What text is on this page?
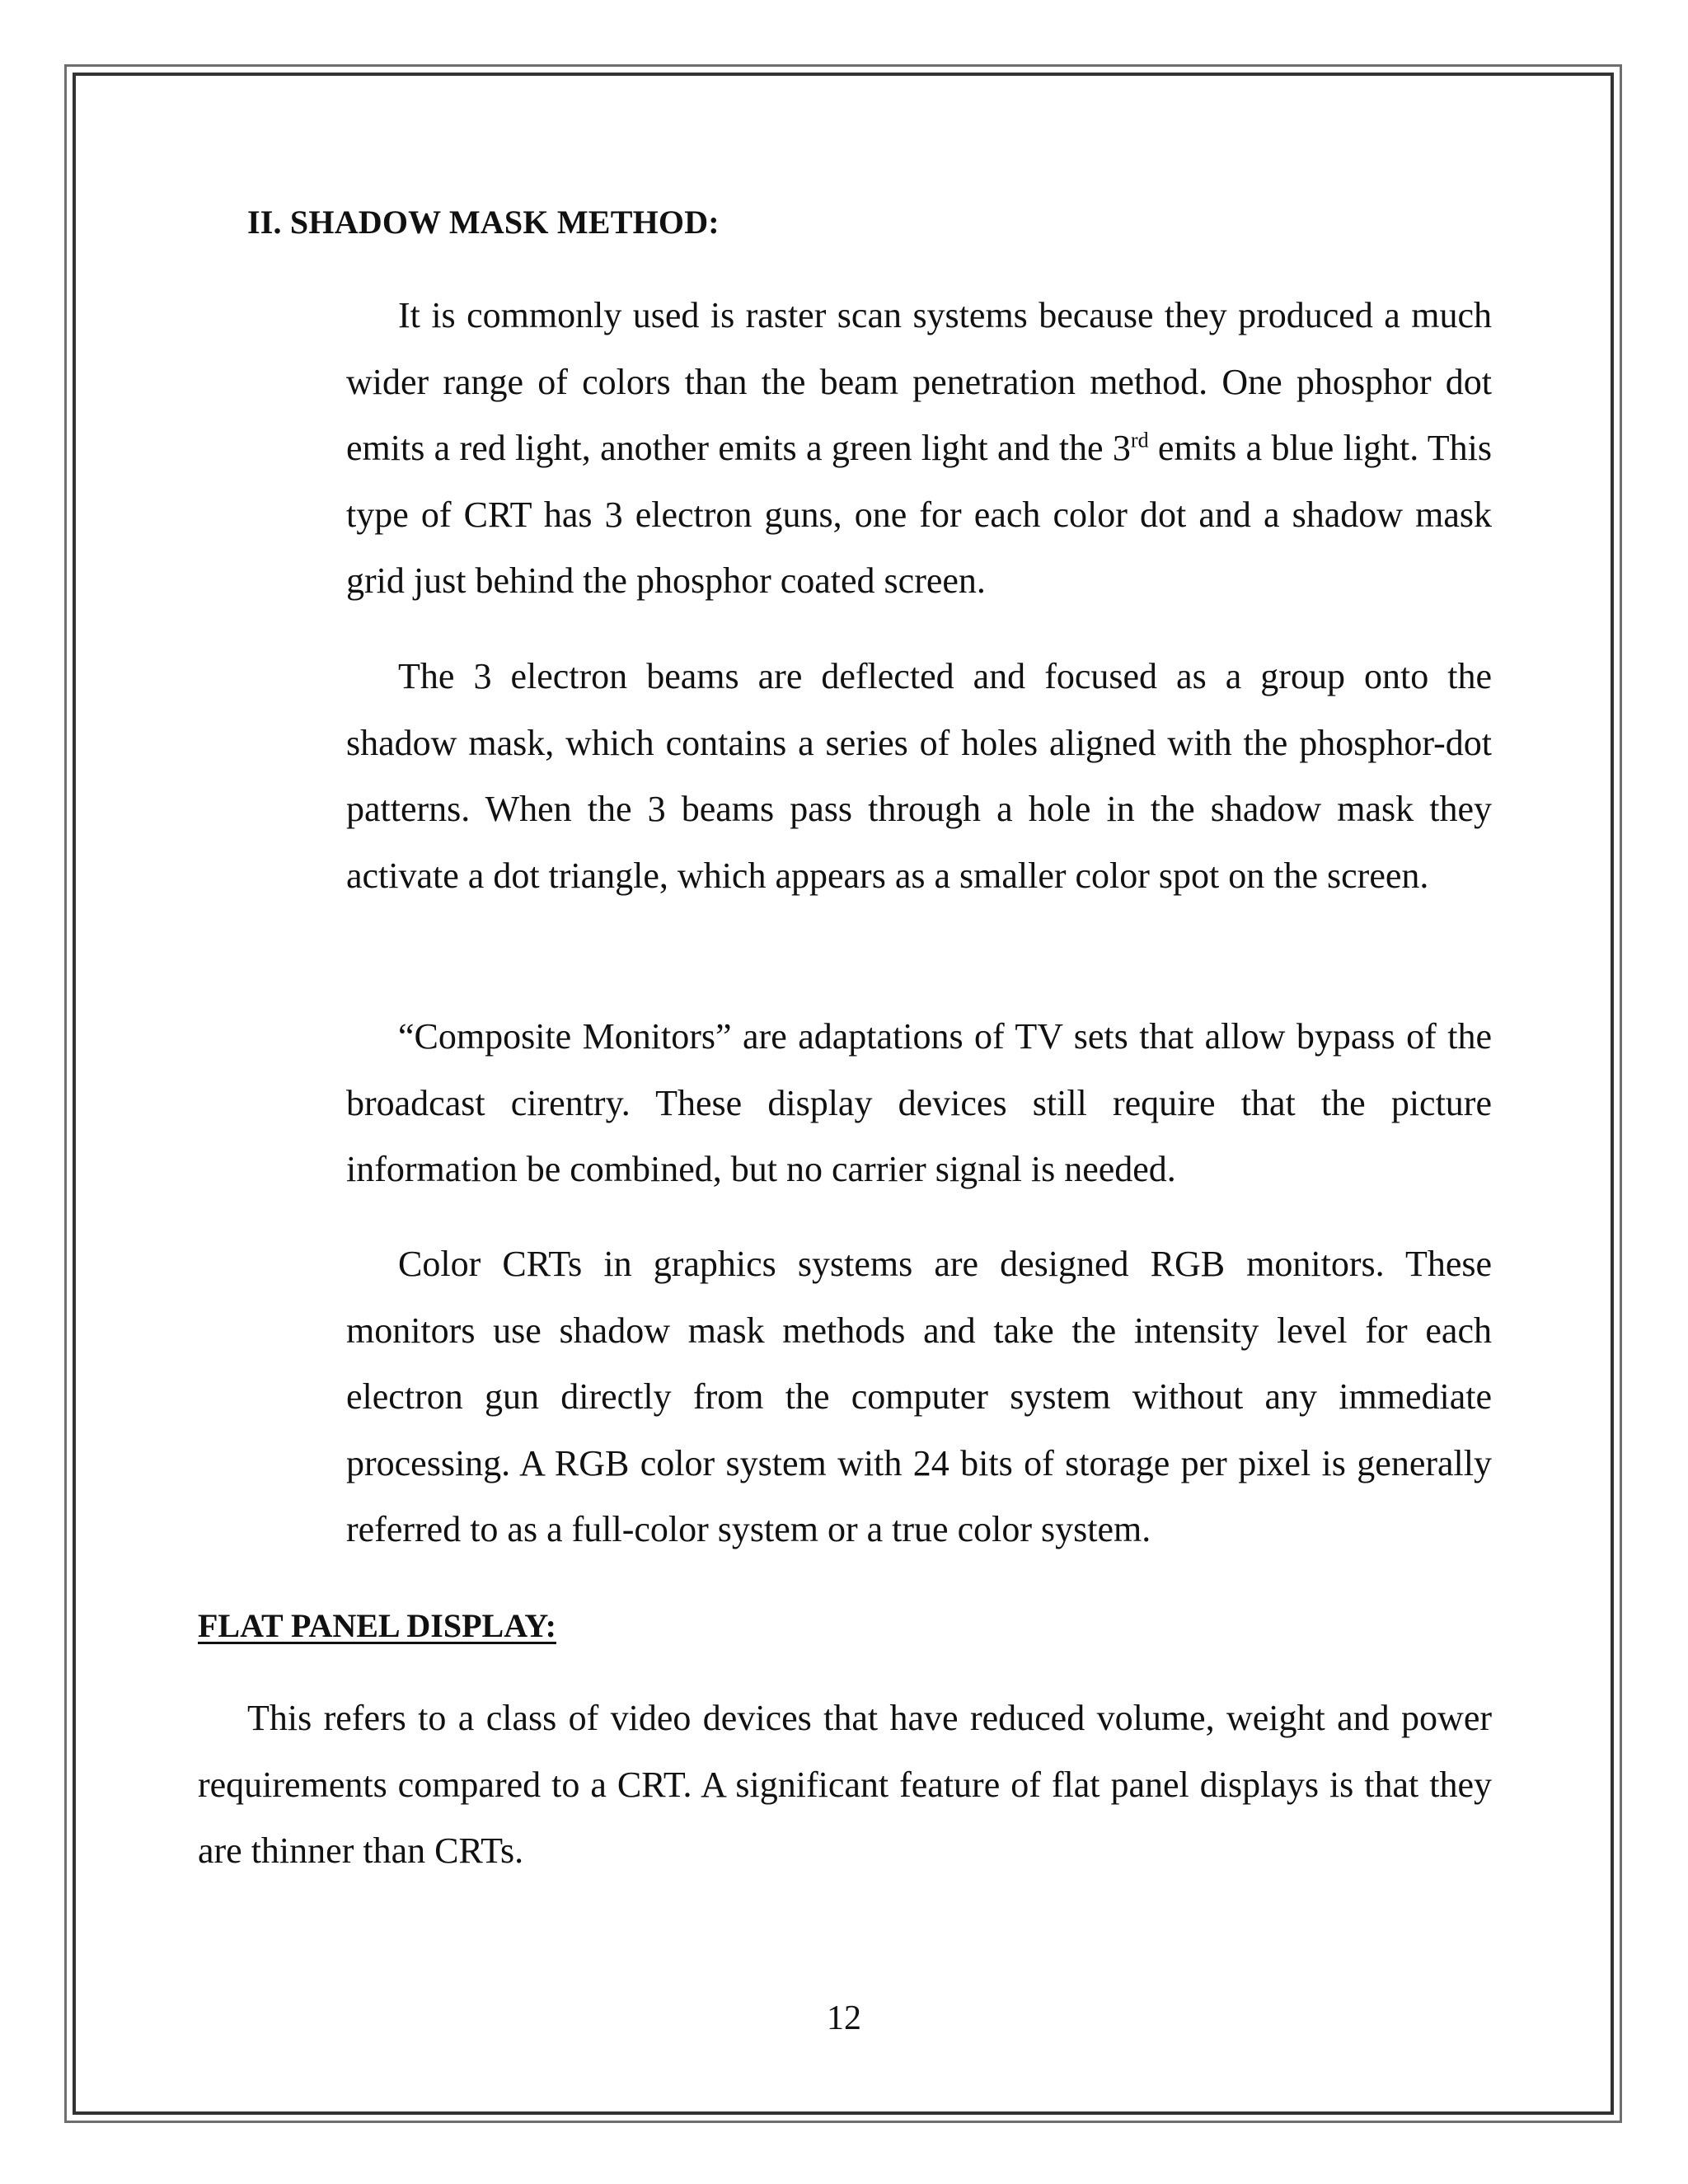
II. SHADOW MASK METHOD:

It is commonly used is raster scan systems because they produced a much wider range of colors than the beam penetration method. One phosphor dot emits a red light, another emits a green light and the 3rd emits a blue light. This type of CRT has 3 electron guns, one for each color dot and a shadow mask grid just behind the phosphor coated screen.

The 3 electron beams are deflected and focused as a group onto the shadow mask, which contains a series of holes aligned with the phosphor-dot patterns. When the 3 beams pass through a hole in the shadow mask they activate a dot triangle, which appears as a smaller color spot on the screen.

“Composite Monitors” are adaptations of TV sets that allow bypass of the broadcast cirentry. These display devices still require that the picture information be combined, but no carrier signal is needed.

Color CRTs in graphics systems are designed RGB monitors. These monitors use shadow mask methods and take the intensity level for each electron gun directly from the computer system without any immediate processing. A RGB color system with 24 bits of storage per pixel is generally referred to as a full-color system or a true color system.

FLAT PANEL DISPLAY:

This refers to a class of video devices that have reduced volume, weight and power requirements compared to a CRT. A significant feature of flat panel displays is that they are thinner than CRTs.

12
